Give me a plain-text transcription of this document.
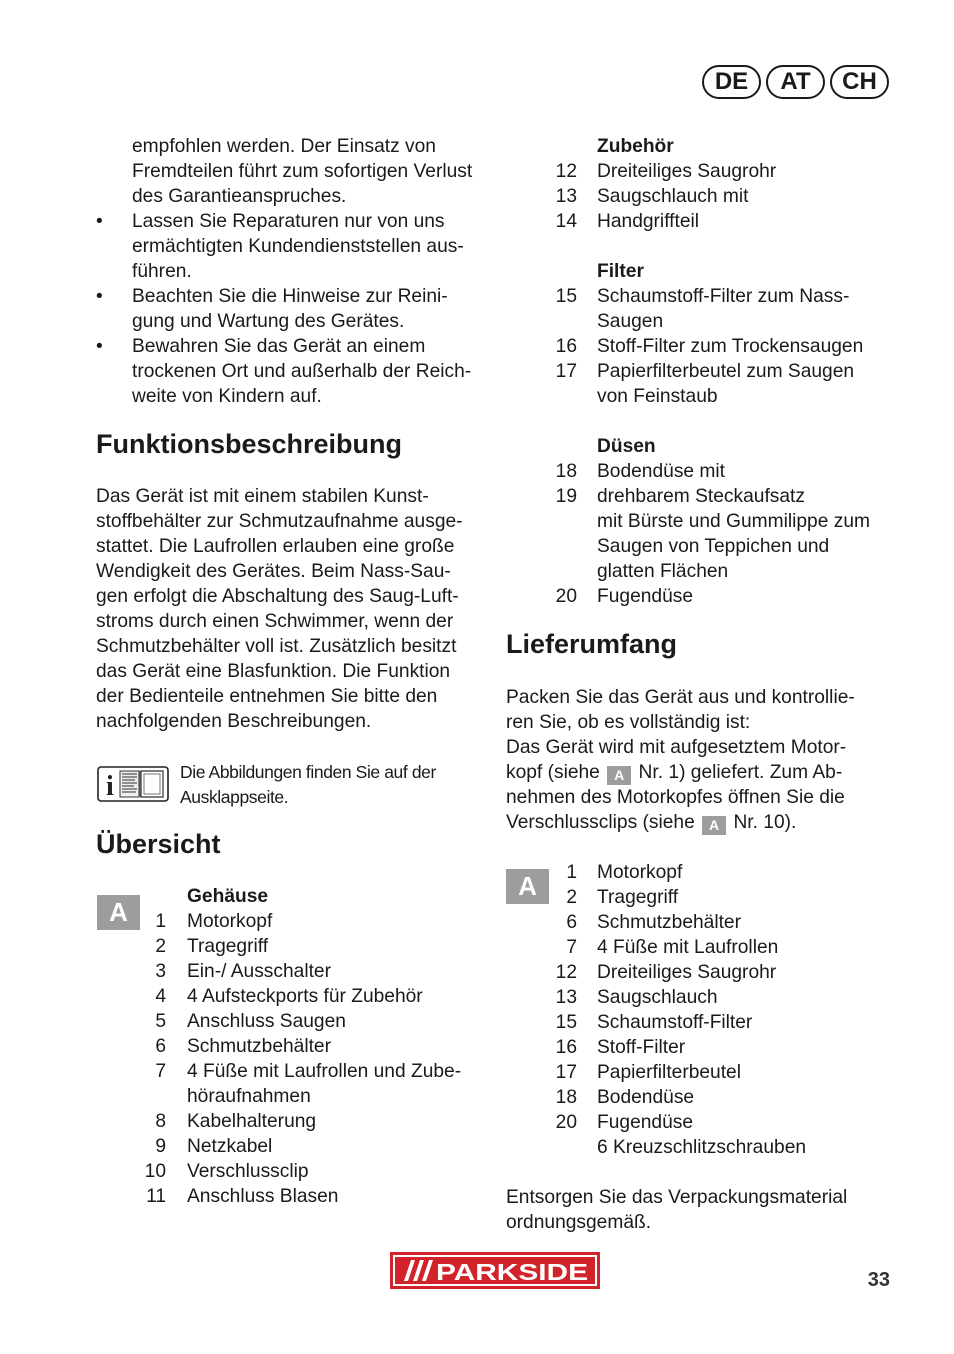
DE	AT	CH
empfohlen werden. Der Einsatz von
Fremdteilen führt zum sofortigen Verlust
des Garantieanspruches.
•	Lassen Sie Reparaturen nur von uns
ermächtigten Kundendienststellen aus-
führen.
•	Beachten Sie die Hinweise zur Reini-
gung und Wartung des Gerätes.
•	Bewahren Sie das Gerät an einem
trockenen Ort und außerhalb der Reich-
weite von Kindern auf.
Funktionsbeschreibung
Das Gerät ist mit einem stabilen Kunst-
stoffbehälter zur Schmutzaufnahme ausge-
stattet. Die Laufrollen erlauben eine große
Wendigkeit des Gerätes. Beim Nass-Sau-
gen erfolgt die Abschaltung des Saug-Luft-
stroms durch einen Schwimmer, wenn der
Schmutzbehälter voll ist. Zusätzlich besitzt
das Gerät eine Blasfunktion. Die Funktion
der Bedienteile entnehmen Sie bitte den
nachfolgenden Beschreibungen.
i	Die Abbildungen finden Sie auf der
Ausklappseite.
Übersicht
A
Gehäuse
1 Motorkopf
2 Tragegriff
3 Ein-/ Ausschalter
4 4 Aufsteckports für Zubehör
5 Anschluss Saugen
6 Schmutzbehälter
7 4 Füße mit Laufrollen und Zube-
höraufnahmen
8 Kabelhalterung
9 Netzkabel
10 Verschlussclip
11 Anschluss Blasen
Zubehör
12 Dreiteiliges Saugrohr
13 Saugschlauch mit
14 Handgriffteil
Filter
15 Schaumstoff-Filter zum Nass-
Saugen
16 Stoff-Filter zum Trockensaugen
17 Papierfilterbeutel zum Saugen
von Feinstaub
Düsen
18 Bodendüse mit
19 drehbarem Steckaufsatz
mit Bürste und Gummilippe zum
Saugen von Teppichen und
glatten Flächen
20 Fugendüse
Lieferumfang
Packen Sie das Gerät aus und kontrollie-
ren Sie, ob es vollständig ist:
Das Gerät wird mit aufgesetztem Motor-
kopf (siehe A Nr. 1) geliefert. Zum Ab-
nehmen des Motorkopfes öffnen Sie die
Verschlussclips (siehe A Nr. 10).
A	1 Motorkopf
2 Tragegriff
6 Schmutzbehälter
7 4 Füße mit Laufrollen
12 Dreiteiliges Saugrohr
13 Saugschlauch
15 Schaumstoff-Filter
16 Stoff-Filter
17 Papierfilterbeutel
18 Bodendüse
20 Fugendüse
6 Kreuzschlitzschrauben
Entsorgen Sie das Verpackungsmaterial
ordnungsgemäß.
PARKSIDE	33
